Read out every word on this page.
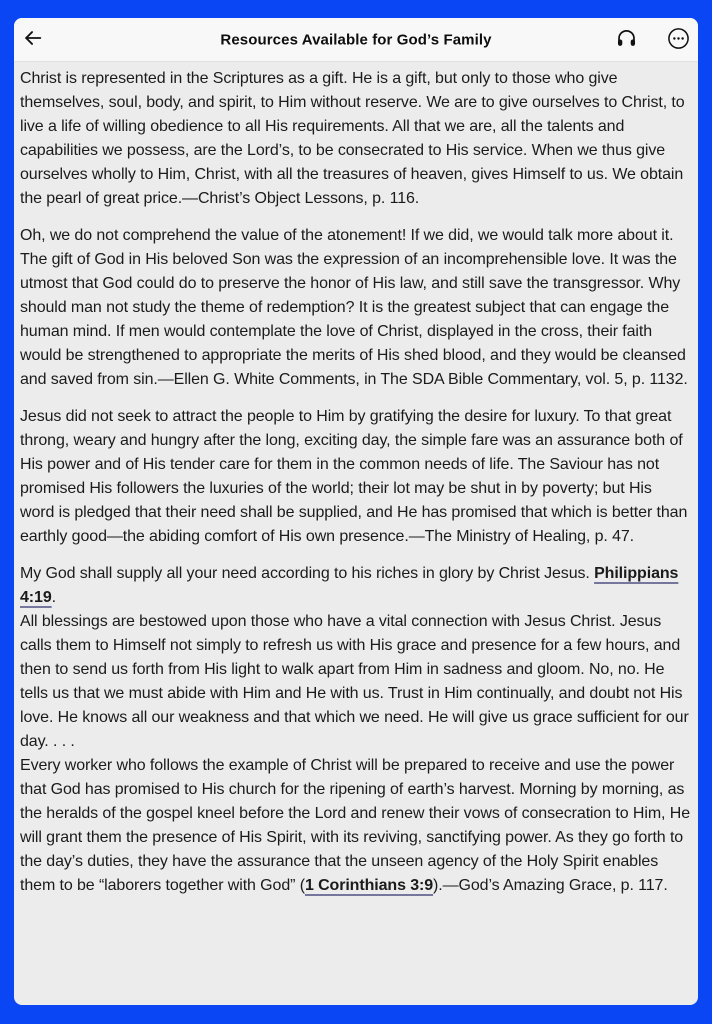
Resources Available for God’s Family

Christ is represented in the Scriptures as a gift. He is a gift, but only to those who give themselves, soul, body, and spirit, to Him without reserve. We are to give ourselves to Christ, to live a life of willing obedience to all His requirements. All that we are, all the talents and capabilities we possess, are the Lord’s, to be consecrated to His service. When we thus give ourselves wholly to Him, Christ, with all the treasures of heaven, gives Himself to us. We obtain the pearl of great price.—Christ’s Object Lessons, p. 116.

Oh, we do not comprehend the value of the atonement! If we did, we would talk more about it. The gift of God in His beloved Son was the expression of an incomprehensible love. It was the utmost that God could do to preserve the honor of His law, and still save the transgressor. Why should man not study the theme of redemption? It is the greatest subject that can engage the human mind. If men would contemplate the love of Christ, displayed in the cross, their faith would be strengthened to appropriate the merits of His shed blood, and they would be cleansed and saved from sin.—Ellen G. White Comments, in The SDA Bible Commentary, vol. 5, p. 1132.

Jesus did not seek to attract the people to Him by gratifying the desire for luxury. To that great throng, weary and hungry after the long, exciting day, the simple fare was an assurance both of His power and of His tender care for them in the common needs of life. The Saviour has not promised His followers the luxuries of the world; their lot may be shut in by poverty; but His word is pledged that their need shall be supplied, and He has promised that which is better than earthly good—the abiding comfort of His own presence.—The Ministry of Healing, p. 47.

My God shall supply all your need according to his riches in glory by Christ Jesus. Philippians 4:19.

All blessings are bestowed upon those who have a vital connection with Jesus Christ. Jesus calls them to Himself not simply to refresh us with His grace and presence for a few hours, and then to send us forth from His light to walk apart from Him in sadness and gloom. No, no. He tells us that we must abide with Him and He with us. Trust in Him continually, and doubt not His love. He knows all our weakness and that which we need. He will give us grace sufficient for our day. . . .

Every worker who follows the example of Christ will be prepared to receive and use the power that God has promised to His church for the ripening of earth’s harvest. Morning by morning, as the heralds of the gospel kneel before the Lord and renew their vows of consecration to Him, He will grant them the presence of His Spirit, with its reviving, sanctifying power. As they go forth to the day’s duties, they have the assurance that the unseen agency of the Holy Spirit enables them to be “laborers together with God” (1 Corinthians 3:9).—God’s Amazing Grace, p. 117.
